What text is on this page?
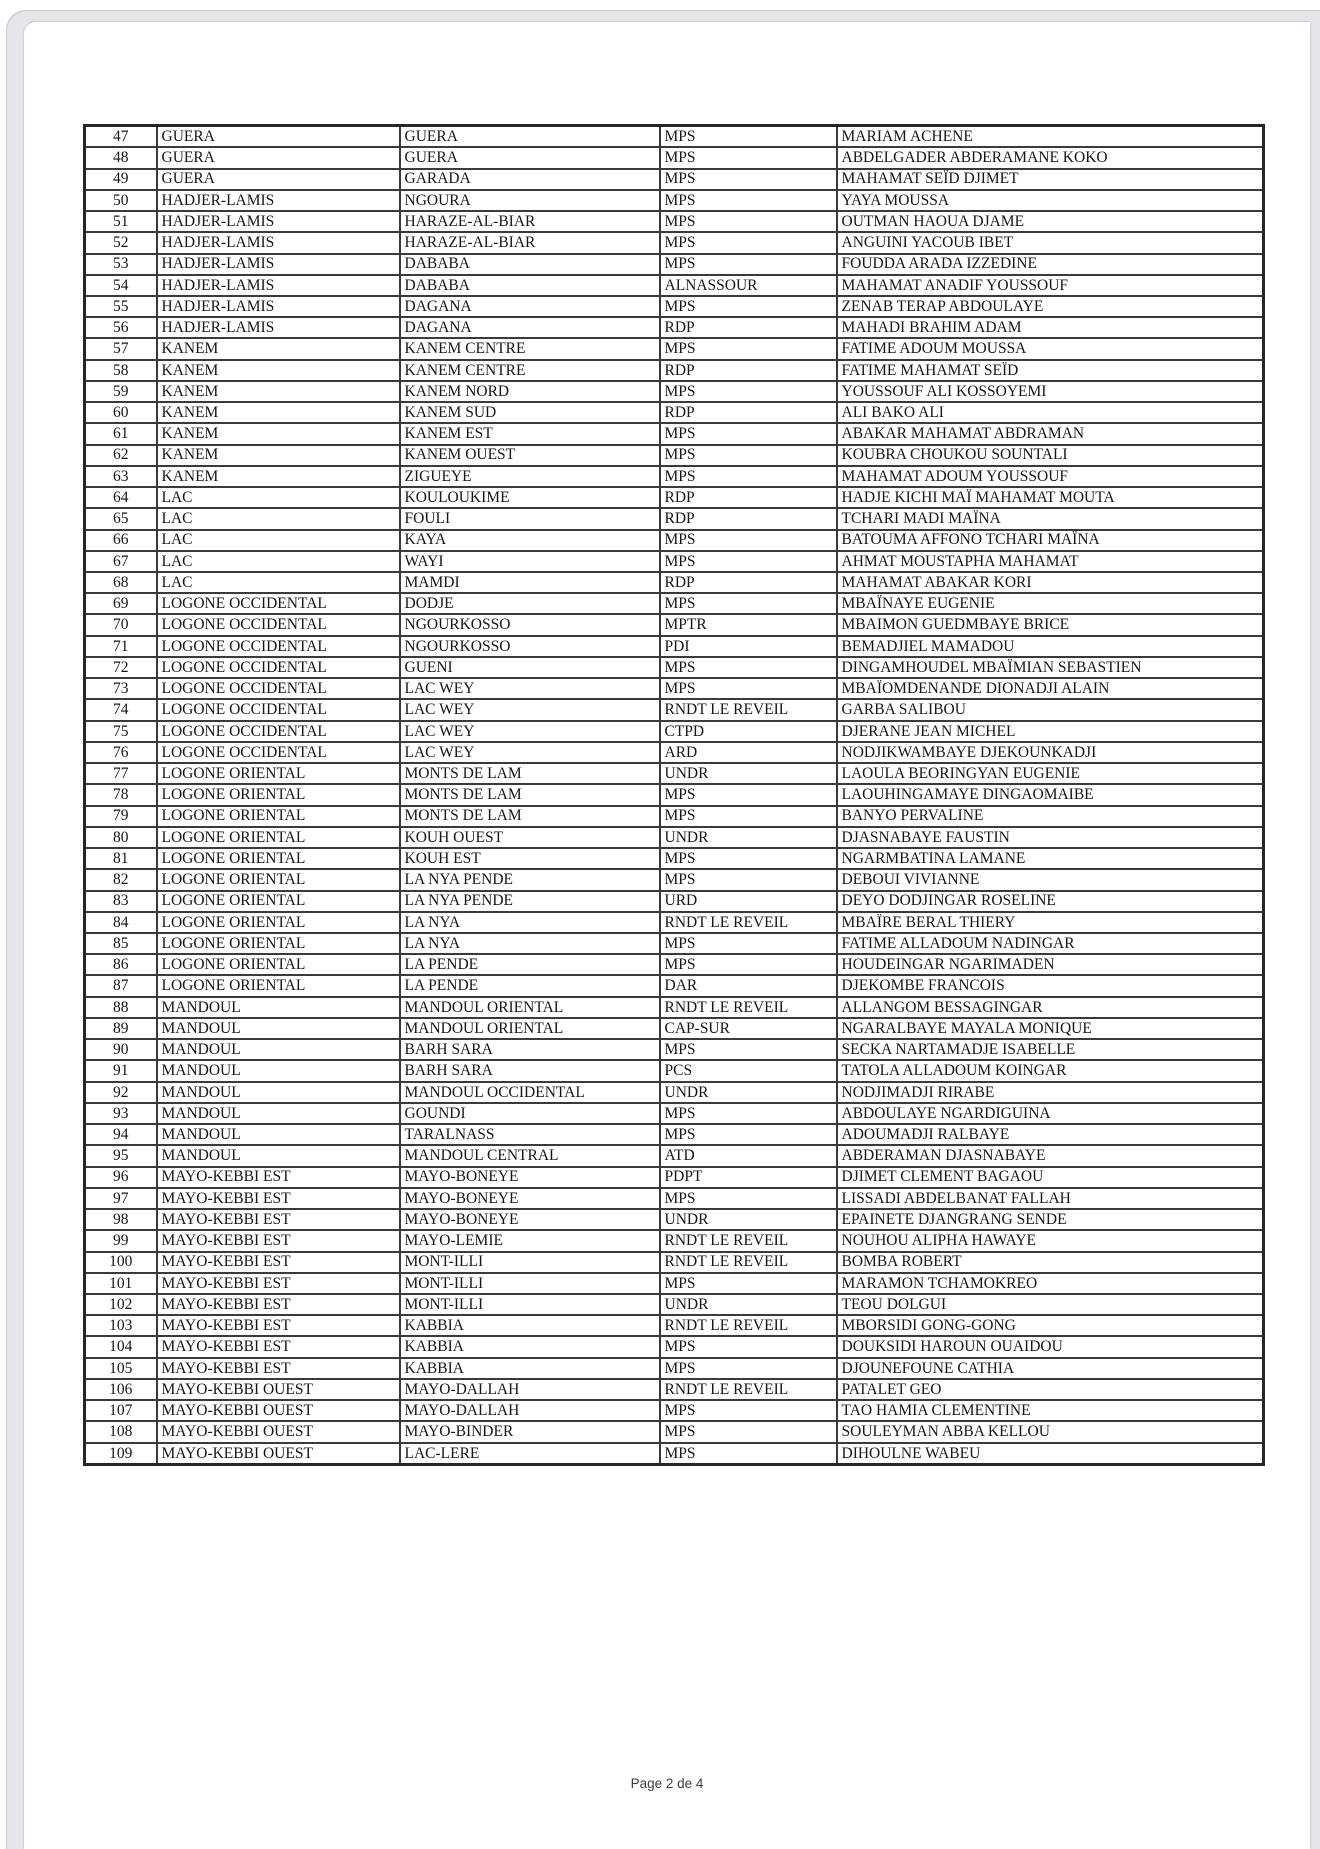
47	GUERA	GUERA	MPS	MARIAM ACHENE
48	GUERA	GUERA	MPS	ABDELGADER ABDERAMANE KOKO
49	GUERA	GARADA	MPS	MAHAMAT SEÏD DJIMET
50	HADJER-LAMIS	NGOURA	MPS	YAYA MOUSSA
51	HADJER-LAMIS	HARAZE-AL-BIAR	MPS	OUTMAN HAOUA DJAME
52	HADJER-LAMIS	HARAZE-AL-BIAR	MPS	ANGUINI YACOUB IBET
53	HADJER-LAMIS	DABABA	MPS	FOUDDA ARADA IZZEDINE
54	HADJER-LAMIS	DABABA	ALNASSOUR	MAHAMAT ANADIF YOUSSOUF
55	HADJER-LAMIS	DAGANA	MPS	ZENAB TERAP ABDOULAYE
56	HADJER-LAMIS	DAGANA	RDP	MAHADI BRAHIM ADAM
57	KANEM	KANEM CENTRE	MPS	FATIME ADOUM MOUSSA
58	KANEM	KANEM CENTRE	RDP	FATIME MAHAMAT SEÏD
59	KANEM	KANEM NORD	MPS	YOUSSOUF ALI KOSSOYEMI
60	KANEM	KANEM SUD	RDP	ALI BAKO ALI
61	KANEM	KANEM EST	MPS	ABAKAR MAHAMAT ABDRAMAN
62	KANEM	KANEM OUEST	MPS	KOUBRA CHOUKOU SOUNTALI
63	KANEM	ZIGUEYE	MPS	MAHAMAT ADOUM YOUSSOUF
64	LAC	KOULOUKIME	RDP	HADJE KICHI MAÏ MAHAMAT MOUTA
65	LAC	FOULI	RDP	TCHARI MADI MAÏNA
66	LAC	KAYA	MPS	BATOUMA AFFONO TCHARI MAÏNA
67	LAC	WAYI	MPS	AHMAT MOUSTAPHA MAHAMAT
68	LAC	MAMDI	RDP	MAHAMAT ABAKAR KORI
69	LOGONE OCCIDENTAL	DODJE	MPS	MBAÏNAYE EUGENIE
70	LOGONE OCCIDENTAL	NGOURKOSSO	MPTR	MBAIMON GUEDMBAYE BRICE
71	LOGONE OCCIDENTAL	NGOURKOSSO	PDI	BEMADJIEL MAMADOU
72	LOGONE OCCIDENTAL	GUENI	MPS	DINGAMHOUDEL MBAÏMIAN SEBASTIEN
73	LOGONE OCCIDENTAL	LAC WEY	MPS	MBAÏOMDENANDE DIONADJI ALAIN
74	LOGONE OCCIDENTAL	LAC WEY	RNDT LE REVEIL	GARBA SALIBOU
75	LOGONE OCCIDENTAL	LAC WEY	CTPD	DJERANE JEAN MICHEL
76	LOGONE OCCIDENTAL	LAC WEY	ARD	NODJIKWAMBAYE DJEKOUNKADJI
77	LOGONE ORIENTAL	MONTS DE LAM	UNDR	LAOULA BEORINGYAN EUGENIE
78	LOGONE ORIENTAL	MONTS DE LAM	MPS	LAOUHINGAMAYE DINGAOMAIBE
79	LOGONE ORIENTAL	MONTS DE LAM	MPS	BANYO PERVALINE
80	LOGONE ORIENTAL	KOUH OUEST	UNDR	DJASNABAYE FAUSTIN
81	LOGONE ORIENTAL	KOUH EST	MPS	NGARMBATINA LAMANE
82	LOGONE ORIENTAL	LA NYA PENDE	MPS	DEBOUI VIVIANNE
83	LOGONE ORIENTAL	LA NYA PENDE	URD	DEYO DODJINGAR ROSELINE
84	LOGONE ORIENTAL	LA NYA	RNDT LE REVEIL	MBAÏRE BERAL THIERY
85	LOGONE ORIENTAL	LA NYA	MPS	FATIME ALLADOUM NADINGAR
86	LOGONE ORIENTAL	LA PENDE	MPS	HOUDEINGAR NGARIMADEN
87	LOGONE ORIENTAL	LA PENDE	DAR	DJEKOMBE FRANCOIS
88	MANDOUL	MANDOUL ORIENTAL	RNDT LE REVEIL	ALLANGOM BESSAGINGAR
89	MANDOUL	MANDOUL ORIENTAL	CAP-SUR	NGARALBAYE MAYALA MONIQUE
90	MANDOUL	BARH SARA	MPS	SECKA NARTAMADJE ISABELLE
91	MANDOUL	BARH SARA	PCS	TATOLA ALLADOUM KOINGAR
92	MANDOUL	MANDOUL OCCIDENTAL	UNDR	NODJIMADJI RIRABE
93	MANDOUL	GOUNDI	MPS	ABDOULAYE NGARDIGUINA
94	MANDOUL	TARALNASS	MPS	ADOUMADJI RALBAYE
95	MANDOUL	MANDOUL CENTRAL	ATD	ABDERAMAN DJASNABAYE
96	MAYO-KEBBI EST	MAYO-BONEYE	PDPT	DJIMET CLEMENT BAGAOU
97	MAYO-KEBBI EST	MAYO-BONEYE	MPS	LISSADI ABDELBANAT FALLAH
98	MAYO-KEBBI EST	MAYO-BONEYE	UNDR	EPAINETE DJANGRANG SENDE
99	MAYO-KEBBI EST	MAYO-LEMIE	RNDT LE REVEIL	NOUHOU ALIPHA HAWAYE
100	MAYO-KEBBI EST	MONT-ILLI	RNDT LE REVEIL	BOMBA ROBERT
101	MAYO-KEBBI EST	MONT-ILLI	MPS	MARAMON TCHAMOKREO
102	MAYO-KEBBI EST	MONT-ILLI	UNDR	TEOU DOLGUI
103	MAYO-KEBBI EST	KABBIA	RNDT LE REVEIL	MBORSIDI GONG-GONG
104	MAYO-KEBBI EST	KABBIA	MPS	DOUKSIDI HAROUN OUAIDOU
105	MAYO-KEBBI EST	KABBIA	MPS	DJOUNEFOUNE CATHIA
106	MAYO-KEBBI OUEST	MAYO-DALLAH	RNDT LE REVEIL	PATALET GEO
107	MAYO-KEBBI OUEST	MAYO-DALLAH	MPS	TAO HAMIA CLEMENTINE
108	MAYO-KEBBI OUEST	MAYO-BINDER	MPS	SOULEYMAN ABBA KELLOU
109	MAYO-KEBBI OUEST	LAC-LERE	MPS	DIHOULNE WABEU
Page 2 de 4
